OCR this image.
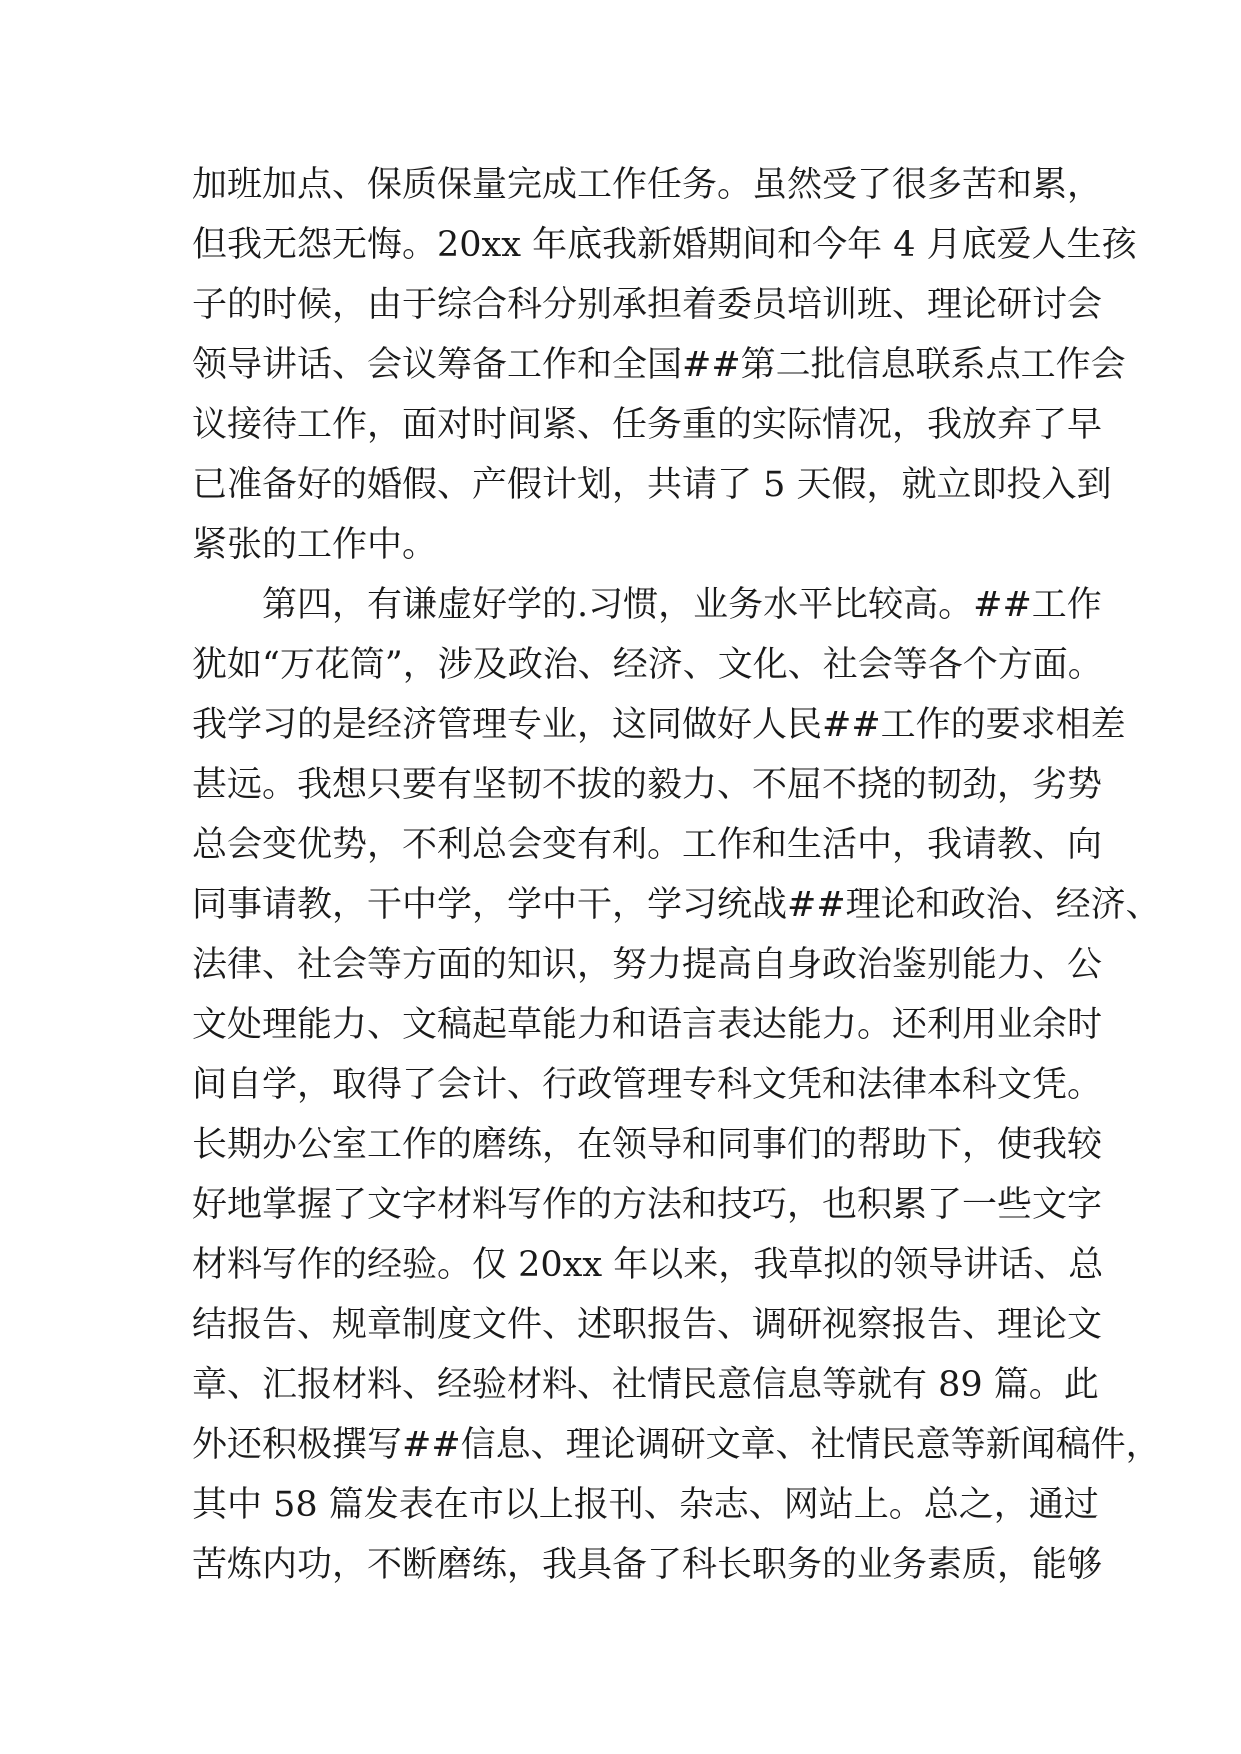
加班加点、保质保量完成工作任务。虽然受了很多苦和累，
但我无怨无悔。20xx 年底我新婚期间和今年 4 月底爱人生孩
子的时候，由于综合科分别承担着委员培训班、理论研讨会
领导讲话、会议筹备工作和全国##第二批信息联系点工作会
议接待工作，面对时间紧、任务重的实际情况，我放弃了早
已准备好的婚假、产假计划，共请了 5 天假，就立即投入到
紧张的工作中。
第四，有谦虚好学的.习惯，业务水平比较高。##工作
犹如“万花筒”，涉及政治、经济、文化、社会等各个方面。
我学习的是经济管理专业，这同做好人民##工作的要求相差
甚远。我想只要有坚韧不拔的毅力、不屈不挠的韧劲，劣势
总会变优势，不利总会变有利。工作和生活中，我请教、向
同事请教，干中学，学中干，学习统战##理论和政治、经济、
法律、社会等方面的知识，努力提高自身政治鉴别能力、公
文处理能力、文稿起草能力和语言表达能力。还利用业余时
间自学，取得了会计、行政管理专科文凭和法律本科文凭。
长期办公室工作的磨练，在领导和同事们的帮助下，使我较
好地掌握了文字材料写作的方法和技巧，也积累了一些文字
材料写作的经验。仅 20xx 年以来，我草拟的领导讲话、总
结报告、规章制度文件、述职报告、调研视察报告、理论文
章、汇报材料、经验材料、社情民意信息等就有 89 篇。此
外还积极撰写##信息、理论调研文章、社情民意等新闻稿件，
其中 58 篇发表在市以上报刊、杂志、网站上。总之，通过
苦炼内功，不断磨练，我具备了科长职务的业务素质，能够
